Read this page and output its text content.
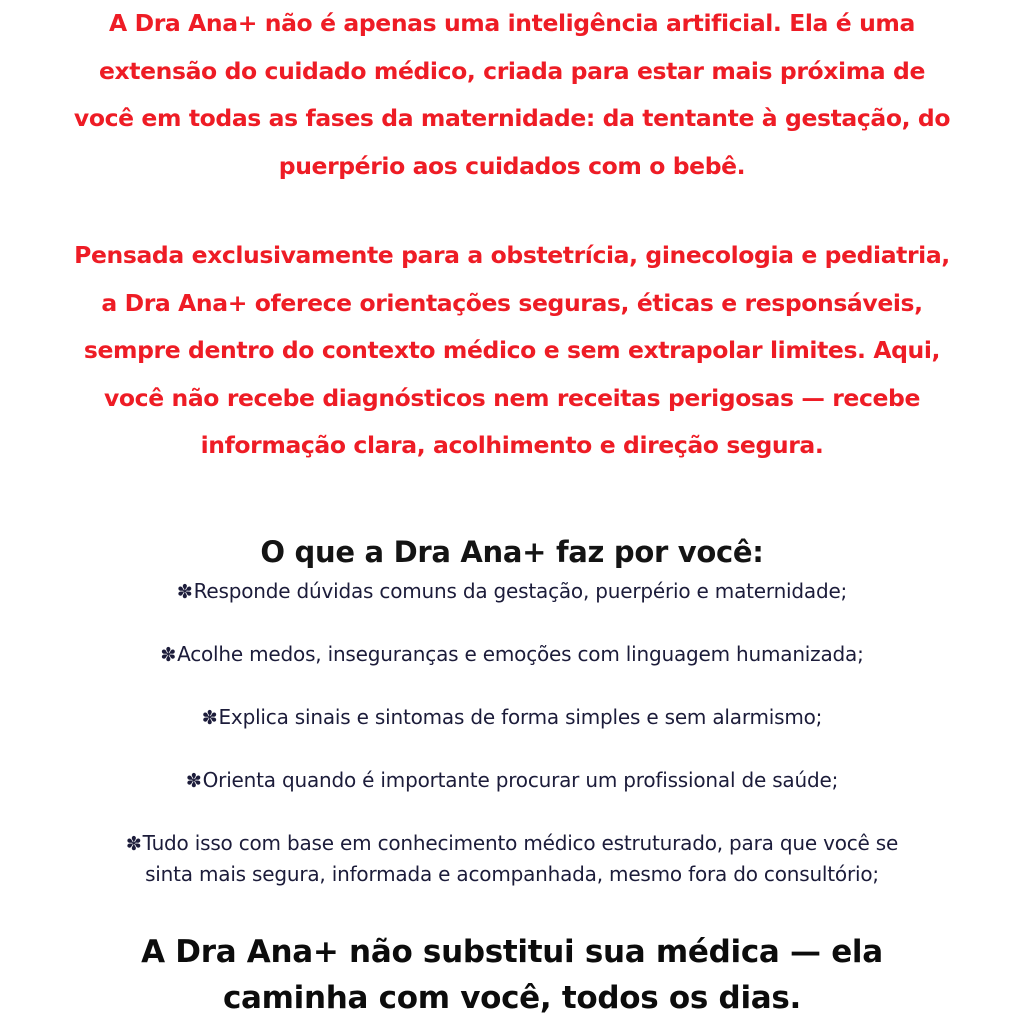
A Dra Ana+ não é apenas uma inteligência artificial. Ela é uma
extensão do cuidado médico, criada para estar mais próxima de
você em todas as fases da maternidade: da tentante à gestação, do
puerpério aos cuidados com o bebê.

Pensada exclusivamente para a obstetrícia, ginecologia e pediatria,
a Dra Ana+ oferece orientações seguras, éticas e responsáveis,
sempre dentro do contexto médico e sem extrapolar limites. Aqui,
você não recebe diagnósticos nem receitas perigosas — recebe
informação clara, acolhimento e direção segura.

O que a Dra Ana+ faz por você:
✽Responde dúvidas comuns da gestação, puerpério e maternidade;
✽Acolhe medos, inseguranças e emoções com linguagem humanizada;
✽Explica sinais e sintomas de forma simples e sem alarmismo;
✽Orienta quando é importante procurar um profissional de saúde;
✽Tudo isso com base em conhecimento médico estruturado, para que você se
sinta mais segura, informada e acompanhada, mesmo fora do consultório;

A Dra Ana+ não substitui sua médica — ela
caminha com você, todos os dias.
